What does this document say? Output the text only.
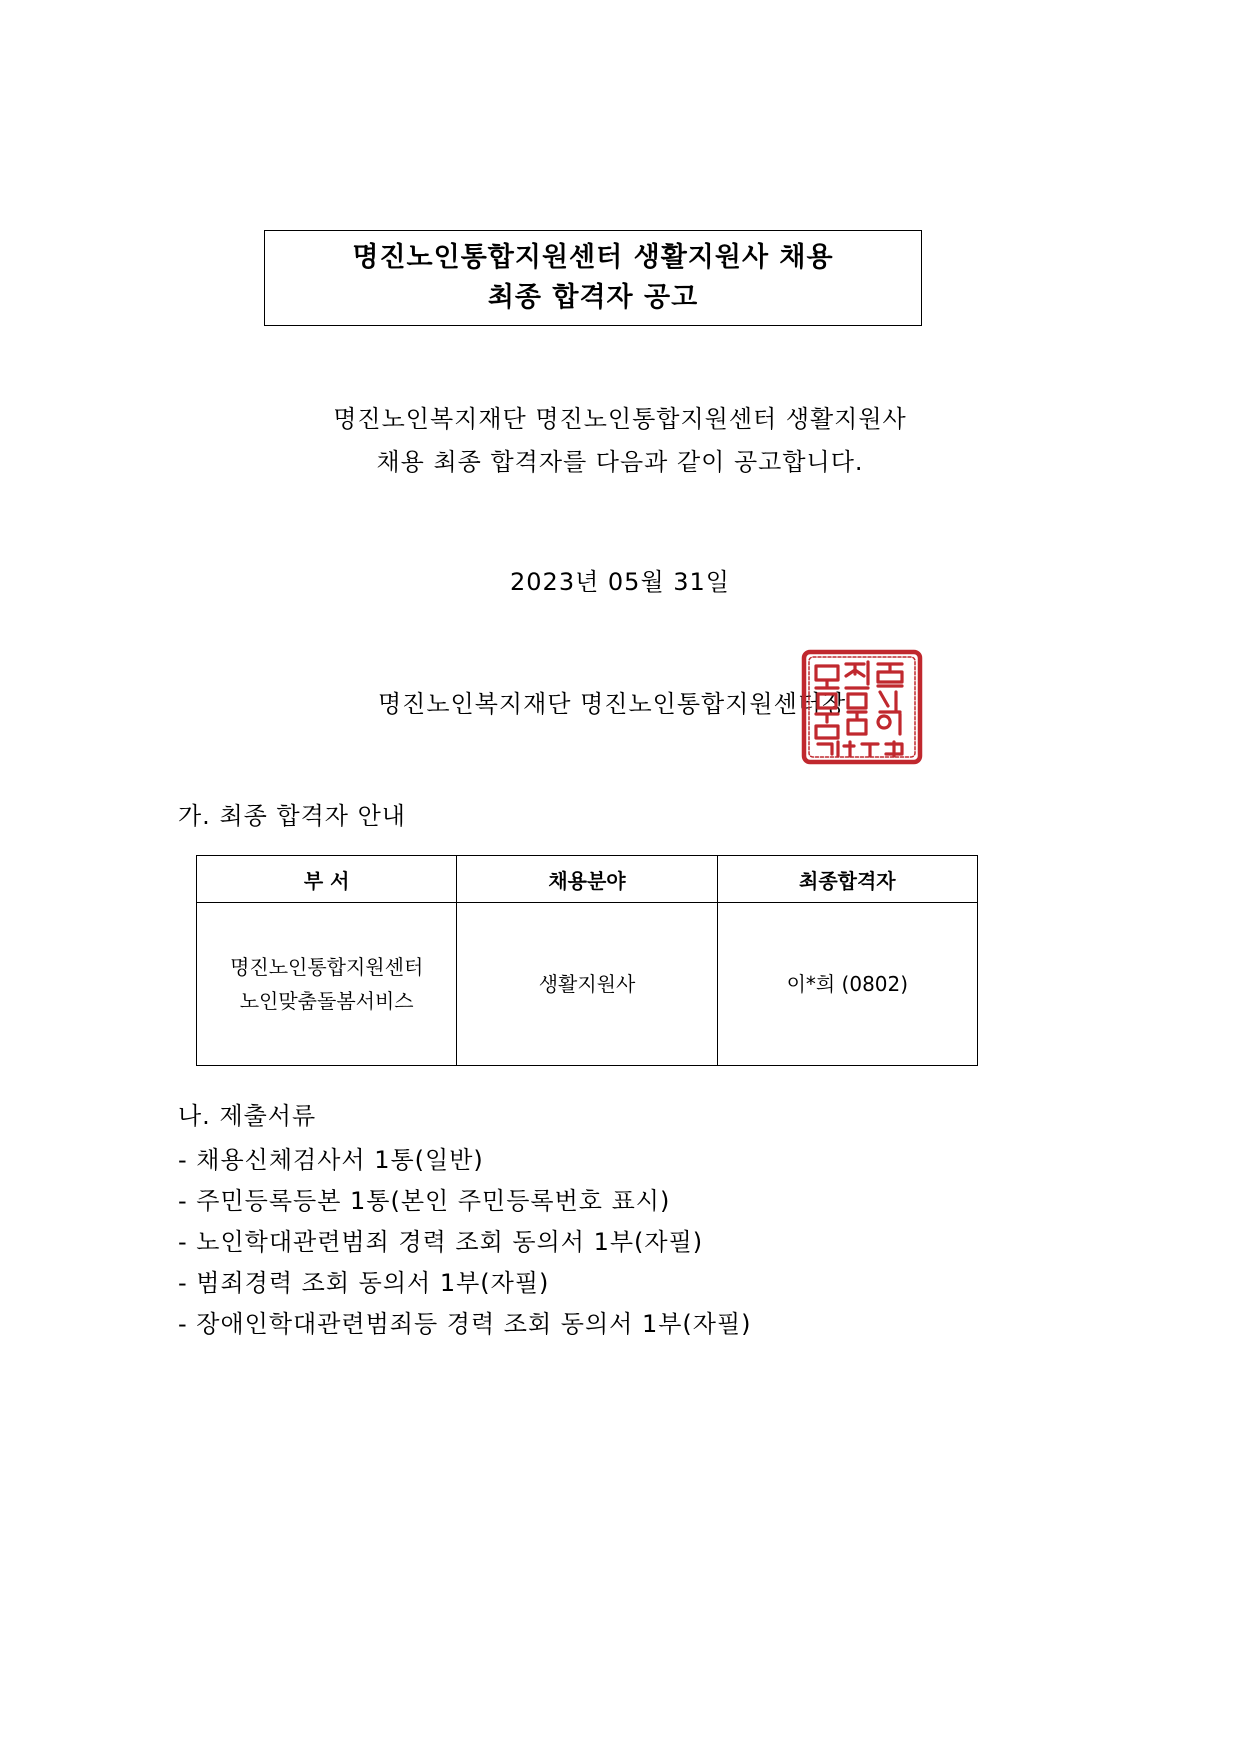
명진노인통합지원센터 생활지원사 채용
최종 합격자 공고
명진노인복지재단 명진노인통합지원센터 생활지원사
채용 최종 합격자를 다음과 같이 공고합니다.
2023년 05월 31일
명진노인복지재단 명진노인통합지원센터장
가. 최종 합격자 안내
부 서	채용분야	최종합격자

명진노인통합지원센터
노인맞춤돌봄서비스	생활지원사	이*희 (0802)
나. 제출서류
- 채용신체검사서 1통(일반)
- 주민등록등본 1통(본인 주민등록번호 표시)
- 노인학대관련범죄 경력 조회 동의서 1부(자필)
- 범죄경력 조회 동의서 1부(자필)
- 장애인학대관련범죄등 경력 조회 동의서 1부(자필)
